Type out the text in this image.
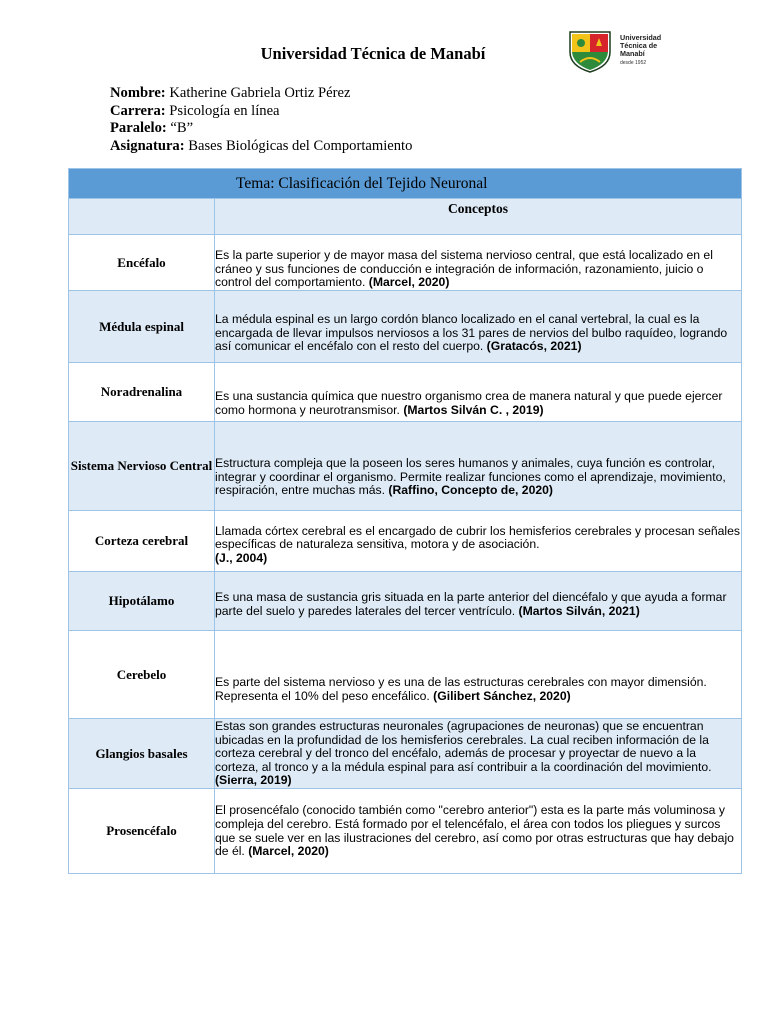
Universidad Técnica de Manabí
Universidad
Técnica de
Manabí
desde 1952
Nombre: Katherine Gabriela Ortiz Pérez
Carrera: Psicología en línea
Paralelo: “B”
Asignatura: Bases Biológicas del Comportamiento
Tema: Clasificación del Tejido Neuronal	
	Conceptos
Encéfalo	Es la parte superior y de mayor masa del sistema nervioso central, que está localizado en el cráneo y sus funciones de conducción e integración de información, razonamiento, juicio o control del comportamiento. (Marcel, 2020)
Médula espinal	La médula espinal es un largo cordón blanco localizado en el canal vertebral, la cual es la encargada de llevar impulsos nerviosos a los 31 pares de nervios del bulbo raquídeo, logrando así comunicar el encéfalo con el resto del cuerpo. (Gratacós, 2021)
Noradrenalina	Es una sustancia química que nuestro organismo crea de manera natural y que puede ejercer como hormona y neurotransmisor. (Martos Silván C. , 2019)
Sistema Nervioso Central	Estructura compleja que la poseen los seres humanos y animales, cuya función es controlar, integrar y coordinar el organismo. Permite realizar funciones como el aprendizaje, movimiento, respiración, entre muchas más. (Raffino, Concepto de, 2020)
Corteza cerebral	Llamada córtex cerebral es el encargado de cubrir los hemisferios cerebrales y procesan señales específicas de naturaleza sensitiva, motora y de asociación.
(J., 2004)
Hipotálamo	Es una masa de sustancia gris situada en la parte anterior del diencéfalo y que ayuda a formar parte del suelo y paredes laterales del tercer ventrículo. (Martos Silván, 2021)
Cerebelo	Es parte del sistema nervioso y es una de las estructuras cerebrales con mayor dimensión. Representa el 10% del peso encefálico. (Gilibert Sánchez, 2020)
Glangios basales	Estas son grandes estructuras neuronales (agrupaciones de neuronas) que se encuentran ubicadas en la profundidad de los hemisferios cerebrales. La cual reciben información de la corteza cerebral y del tronco del encéfalo, además de procesar y proyectar de nuevo a la corteza, al tronco y a la médula espinal para así contribuir a la coordinación del movimiento. (Sierra, 2019)
Prosencéfalo	El prosencéfalo (conocido también como "cerebro anterior") esta es la parte más voluminosa y compleja del cerebro. Está formado por el telencéfalo, el área con todos los pliegues y surcos que se suele ver en las ilustraciones del cerebro, así como por otras estructuras que hay debajo de él. (Marcel, 2020)
